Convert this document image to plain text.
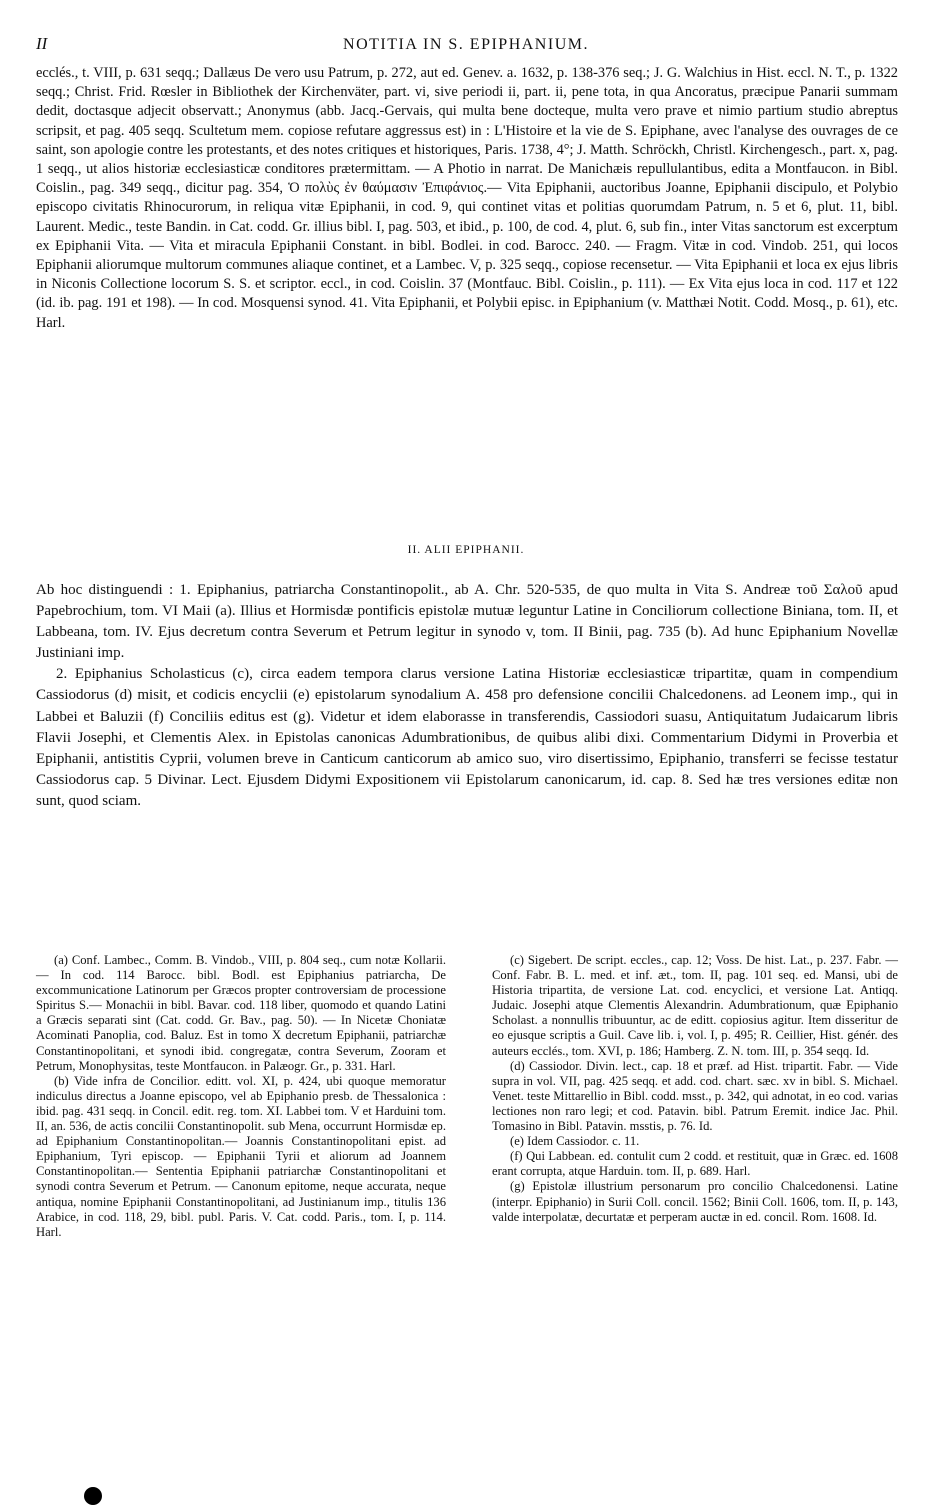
II	NOTITIA IN S. EPIPHANIUM.

ecclés., t. VIII, p. 631 seqq.; Dallæus De vero usu Patrum, p. 272, aut ed. Genev. a. 1632, p. 138-376 seq.; J. G. Walchius in Hist. eccl. N. T., p. 1322 seqq.; Christ. Frid. Rœsler in Bibliothek der Kirchenväter, part. vi, sive periodi ii, part. ii, pene tota, in qua Ancoratus, præcipue Panarii summam dedit, doctasque adjecit observatt.; Anonymus (abb. Jacq.-Gervais, qui multa bene docteque, multa vero prave et nimio partium studio abreptus scripsit, et pag. 405 seqq. Scultetum mem. copiose refutare aggressus est) in : L'Histoire et la vie de S. Epiphane, avec l'analyse des ouvrages de ce saint, son apologie contre les protestants, et des notes critiques et historiques, Paris. 1738, 4°; J. Matth. Schröckh, Christl. Kirchengesch., part. x, pag. 1 seqq., ut alios historiæ ecclesiasticæ conditores prætermittam. — A Photio in narrat. De Manichæis repullulantibus, edita a Montfaucon. in Bibl. Coislin., pag. 349 seqq., dicitur pag. 354, Ὁ πολὺς ἐν θαύμασιν Ἐπιφάνιος.— Vita Epiphanii, auctoribus Joanne, Epiphanii discipulo, et Polybio episcopo civitatis Rhinocurorum, in reliqua vitæ Epiphanii, in cod. 9, qui continet vitas et politias quorumdam Patrum, n. 5 et 6, plut. 11, bibl. Laurent. Medic., teste Bandin. in Cat. codd. Gr. illius bibl. I, pag. 503, et ibid., p. 100, de cod. 4, plut. 6, sub fin., inter Vitas sanctorum est excerptum ex Epiphanii Vita. — Vita et miracula Epiphanii Constant. in bibl. Bodlei. in cod. Barocc. 240. — Fragm. Vitæ in cod. Vindob. 251, qui locos Epiphanii aliorumque multorum communes aliaque continet, et a Lambec. V, p. 325 seqq., copiose recensetur. — Vita Epiphanii et loca ex ejus libris in Niconis Collectione locorum S. S. et scriptor. eccl., in cod. Coislin. 37 (Montfauc. Bibl. Coislin., p. 111). — Ex Vita ejus loca in cod. 117 et 122 (id. ib. pag. 191 et 198). — In cod. Mosquensi synod. 41. Vita Epiphanii, et Polybii episc. in Epiphanium (v. Matthæi Notit. Codd. Mosq., p. 61), etc. Harl.

II. ALII EPIPHANII.

Ab hoc distinguendi : 1. Epiphanius, patriarcha Constantinopolit., ab A. Chr. 520-535, de quo multa in Vita S. Andreæ τοῦ Σαλοῦ apud Papebrochium, tom. VI Maii (a). Illius et Hormisdæ pontificis epistolæ mutuæ leguntur Latine in Conciliorum collectione Biniana, tom. II, et Labbeana, tom. IV. Ejus decretum contra Severum et Petrum legitur in synodo v, tom. II Binii, pag. 735 (b). Ad hunc Epiphanium Novellæ Justiniani imp.

2. Epiphanius Scholasticus (c), circa eadem tempora clarus versione Latina Historiæ ecclesiasticæ tripartitæ, quam in compendium Cassiodorus (d) misit, et codicis encyclii (e) epistolarum synodalium A. 458 pro defensione concilii Chalcedonens. ad Leonem imp., qui in Labbei et Baluzii (f) Conciliis editus est (g). Videtur et idem elaborasse in transferendis, Cassiodori suasu, Antiquitatum Judaicarum libris Flavii Josephi, et Clementis Alex. in Epistolas canonicas Adumbrationibus, de quibus alibi dixi. Commentarium Didymi in Proverbia et Epiphanii, antistitis Cyprii, volumen breve in Canticum canticorum ab amico suo, viro disertissimo, Epiphanio, transferri se fecisse testatur Cassiodorus cap. 5 Divinar. Lect. Ejusdem Didymi Expositionem vii Epistolarum canonicarum, id. cap. 8. Sed hæ tres versiones editæ non sunt, quod sciam.

(a) Conf. Lambec., Comm. B. Vindob., VIII, p. 804 seq., cum notæ Kollarii.— In cod. 114 Barocc. bibl. Bodl. est Epiphanius patriarcha, De excommunicatione Latinorum per Græcos propter controversiam de processione Spiritus S.— Monachii in bibl. Bavar. cod. 118 liber, quomodo et quando Latini a Græcis separati sint (Cat. codd. Gr. Bav., pag. 50). — In Nicetæ Choniatæ Acominati Panoplia, cod. Baluz. Est in tomo X decretum Epiphanii, patriarchæ Constantinopolitani, et synodi ibid. congregatæ, contra Severum, Zooram et Petrum, Monophysitas, teste Montfaucon. in Palæogr. Gr., p. 331. Harl.

(b) Vide infra de Concilior. editt. vol. XI, p. 424, ubi quoque memoratur indiculus directus a Joanne episcopo, vel ab Epiphanio presb. de Thessalonica : ibid. pag. 431 seqq. in Concil. edit. reg. tom. XI. Labbei tom. V et Harduini tom. II, an. 536, de actis concilii Constantinopolit. sub Mena, occurrunt Hormisdæ ep. ad Epiphanium Constantinopolitan.— Joannis Constantinopolitani epist. ad Epiphanium, Tyri episcop. — Epiphanii Tyrii et aliorum ad Joannem Constantinopolitan.— Sententia Epiphanii patriarchæ Constantinopolitani et synodi contra Severum et Petrum. — Canonum epitome, neque accurata, neque antiqua, nomine Epiphanii Constantinopolitani, ad Justinianum imp., titulis 136 Arabice, in cod. 118, 29, bibl. publ. Paris. V. Cat. codd. Paris., tom. I, p. 114. Harl.

(c) Sigebert. De script. eccles., cap. 12; Voss. De hist. Lat., p. 237. Fabr. — Conf. Fabr. B. L. med. et inf. æt., tom. II, pag. 101 seq. ed. Mansi, ubi de Historia tripartita, de versione Lat. cod. encyclici, et versione Lat. Antiqq. Judaic. Josephi atque Clementis Alexandrin. Adumbrationum, quæ Epiphanio Scholast. a nonnullis tribuuntur, ac de editt. copiosius agitur. Item disseritur de eo ejusque scriptis a Guil. Cave lib. i, vol. I, p. 495; R. Ceillier, Hist. génér. des auteurs ecclés., tom. XVI, p. 186; Hamberg. Z. N. tom. III, p. 354 seqq. Id.

(d) Cassiodor. Divin. lect., cap. 18 et præf. ad Hist. tripartit. Fabr. — Vide supra in vol. VII, pag. 425 seqq. et add. cod. chart. sæc. xv in bibl. S. Michael. Venet. teste Mittarellio in Bibl. codd. msst., p. 342, qui adnotat, in eo cod. varias lectiones non raro legi; et cod. Patavin. bibl. Patrum Eremit. indice Jac. Phil. Tomasino in Bibl. Patavin. msstis, p. 76. Id.

(e) Idem Cassiodor. c. 11.

(f) Qui Labbean. ed. contulit cum 2 codd. et restituit, quæ in Græc. ed. 1608 erant corrupta, atque Harduin. tom. II, p. 689. Harl.

(g) Epistolæ illustrium personarum pro concilio Chalcedonensi. Latine (interpr. Epiphanio) in Surii Coll. concil. 1562; Binii Coll. 1606, tom. II, p. 143, valde interpolatæ, decurtatæ et perperam auctæ in ed. concil. Rom. 1608. Id.
